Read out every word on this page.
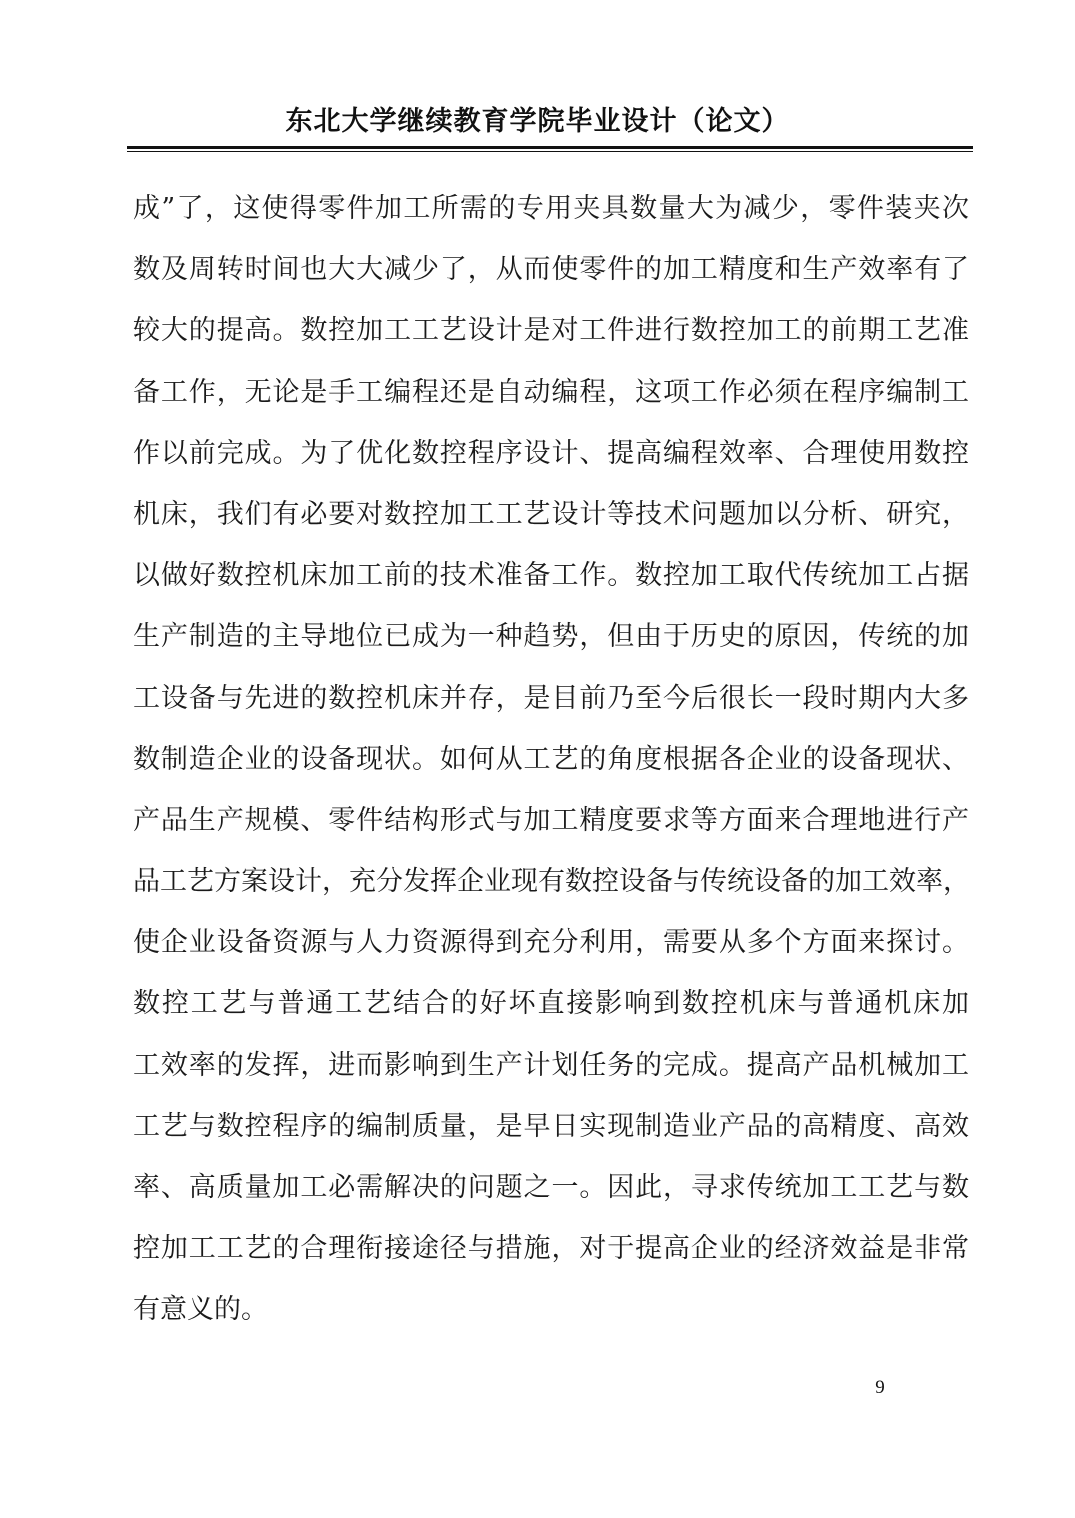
东北大学继续教育学院毕业设计（论文）
成”了，这使得零件加工所需的专用夹具数量大为减少，零件装夹次
数及周转时间也大大减少了，从而使零件的加工精度和生产效率有了
较大的提高。数控加工工艺设计是对工件进行数控加工的前期工艺准
备工作，无论是手工编程还是自动编程，这项工作必须在程序编制工
作以前完成。为了优化数控程序设计、提高编程效率、合理使用数控
机床，我们有必要对数控加工工艺设计等技术问题加以分析、研究，
以做好数控机床加工前的技术准备工作。数控加工取代传统加工占据
生产制造的主导地位已成为一种趋势，但由于历史的原因，传统的加
工设备与先进的数控机床并存，是目前乃至今后很长一段时期内大多
数制造企业的设备现状。如何从工艺的角度根据各企业的设备现状、
产品生产规模、零件结构形式与加工精度要求等方面来合理地进行产
品工艺方案设计，充分发挥企业现有数控设备与传统设备的加工效率，
使企业设备资源与人力资源得到充分利用，需要从多个方面来探讨。
数控工艺与普通工艺结合的好坏直接影响到数控机床与普通机床加
工效率的发挥，进而影响到生产计划任务的完成。提高产品机械加工
工艺与数控程序的编制质量，是早日实现制造业产品的高精度、高效
率、高质量加工必需解决的问题之一。因此，寻求传统加工工艺与数
控加工工艺的合理衔接途径与措施，对于提高企业的经济效益是非常
有意义的。
9
